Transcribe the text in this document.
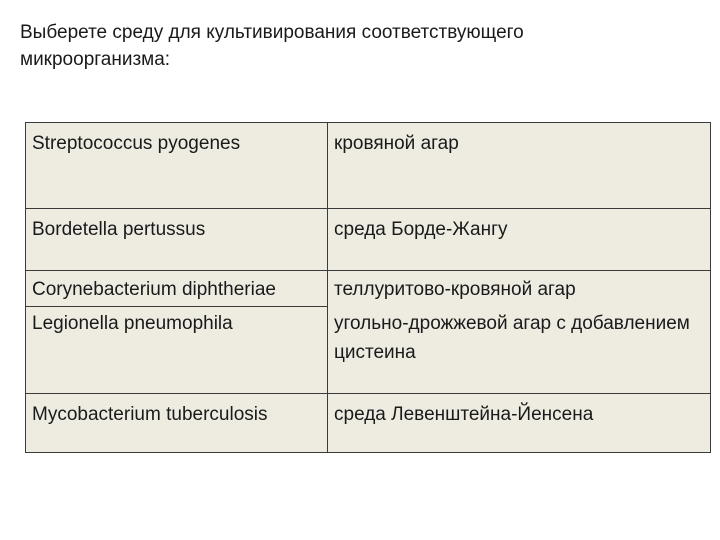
Выберете среду для культивирования соответствующего микроорганизма:

Streptococcus pyogenes	кровяной агар
Bordetella pertussus	среда Борде-Жангу
Corynebacterium diphtheriae	теллуритово-кровяной агар
Legionella pneumophila	угольно-дрожжевой агар с добавлением цистеина
Mycobacterium tuberculosis	среда Левенштейна-Йенсена
